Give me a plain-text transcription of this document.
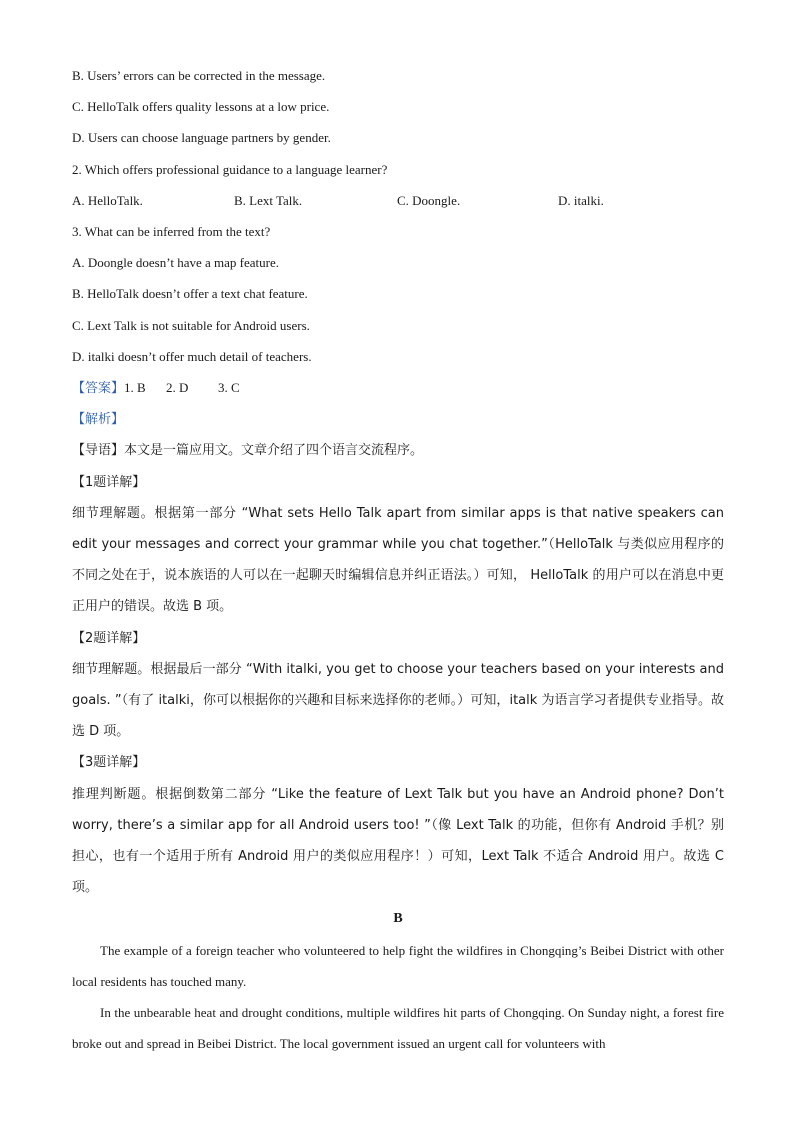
B. Users’ errors can be corrected in the message.
C. HelloTalk offers quality lessons at a low price.
D. Users can choose language partners by gender.
2. Which offers professional guidance to a language learner?
A. HelloTalk.	B. Lext Talk.	C. Doongle.	D. italki.
3. What can be inferred from the text?
A. Doongle doesn’t have a map feature.
B. HelloTalk doesn’t offer a text chat feature.
C. Lext Talk is not suitable for Android users.
D. italki doesn’t offer much detail of teachers.
【答案】1. B 2. D 3. C
【解析】
【导语】本文是一篇应用文。文章介绍了四个语言交流程序。
【1题详解】
细节理解题。根据第一部分 “What sets Hello Talk apart from similar apps is that native speakers can edit your messages and correct your grammar while you chat together.”（HelloTalk 与类似应用程序的不同之处在于，说本族语的人可以在一起聊天时编辑信息并纠正语法。）可知， HelloTalk 的用户可以在消息中更正用户的错误。故选 B 项。
【2题详解】
细节理解题。根据最后一部分 “With italki, you get to choose your teachers based on your interests and goals. ”（有了 italki，你可以根据你的兴趣和目标来选择你的老师。）可知，italk 为语言学习者提供专业指导。故选 D 项。
【3题详解】
推理判断题。根据倒数第二部分 “Like the feature of Lext Talk but you have an Android phone? Don’t worry, there’s a similar app for all Android users too! ”（像 Lext Talk 的功能，但你有 Android 手机？别担心，也有一个适用于所有 Android 用户的类似应用程序！）可知，Lext Talk 不适合 Android 用户。故选 C 项。
B
The example of a foreign teacher who volunteered to help fight the wildfires in Chongqing’s Beibei District with other local residents has touched many.
In the unbearable heat and drought conditions, multiple wildfires hit parts of Chongqing. On Sunday night, a forest fire broke out and spread in Beibei District. The local government issued an urgent call for volunteers with
